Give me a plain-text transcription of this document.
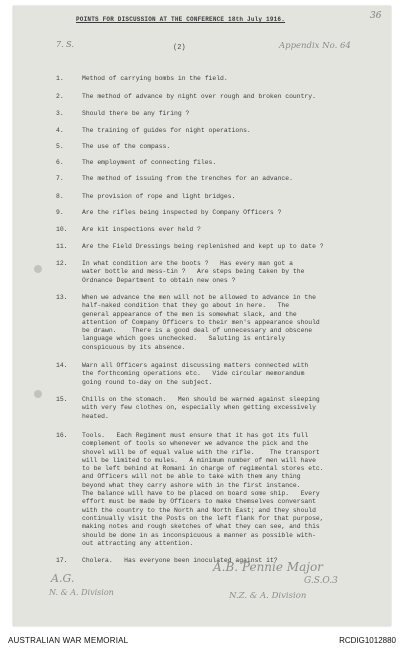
POINTS FOR DISCUSSION AT THE CONFERENCE 18th July 1916.	36
7. S.	(2)	Appendix No. 64
1.	Method of carrying bombs in the field.
2.	The method of advance by night over rough and broken country.
3.	Should there be any firing ?
4.	The training of guides for night operations.
5.	The use of the compass.
6.	The employment of connecting files.
7.	The method of issuing from the trenches for an advance.
8.	The provision of rope and light bridges.
9.	Are the rifles being inspected by Company Officers ?
10.	Are kit inspections ever held ?
11.	Are the Field Dressings being replenished and kept up to date ?
12.	In what condition are the boots ?   Has every man got a
water bottle and mess-tin ?   Are steps being taken by the
Ordnance Department to obtain new ones ?
13.	When we advance the men will not be allowed to advance in the
half-naked condition that they go about in here.   The
general appearance of the men is somewhat slack, and the
attention of Company Officers to their men's appearance should
be drawn.    There is a good deal of unnecessary and obscene
language which goes unchecked.   Saluting is entirely
conspicuous by its absence.
14.	Warn all Officers against discussing matters connected with
the forthcoming operations etc.   Vide circular memorandum
going round to-day on the subject.
15.	Chills on the stomach.   Men should be warned against sleeping
with very few clothes on, especially when getting excessively
heated.
16.	Tools.   Each Regiment must ensure that it has got its full
complement of tools so whenever we advance the pick and the
shovel will be of equal value with the rifle.    The transport
will be limited to mules.   A minimum number of men will have
to be left behind at Romani in charge of regimental stores etc.
and Officers will not be able to take with them any thing
beyond what they carry ashore with in the first instance.
The balance will have to be placed on board some ship.   Every
effort must be made by Officers to make themselves conversant
with the country to the North and North East; and they should
continually visit the Posts on the left flank for that purpose,
making notes and rough sketches of what they can see, and this
should be done in as inconspicuous a manner as possible with-
out attracting any attention.
17.	Cholera.   Has everyone been inoculated against it?
A.G.
N. & A. Division
A.B. Pennie Major
G.S.O.3
N.Z. & A. Division
AUSTRALIAN WAR MEMORIAL	RCDIG1012880
